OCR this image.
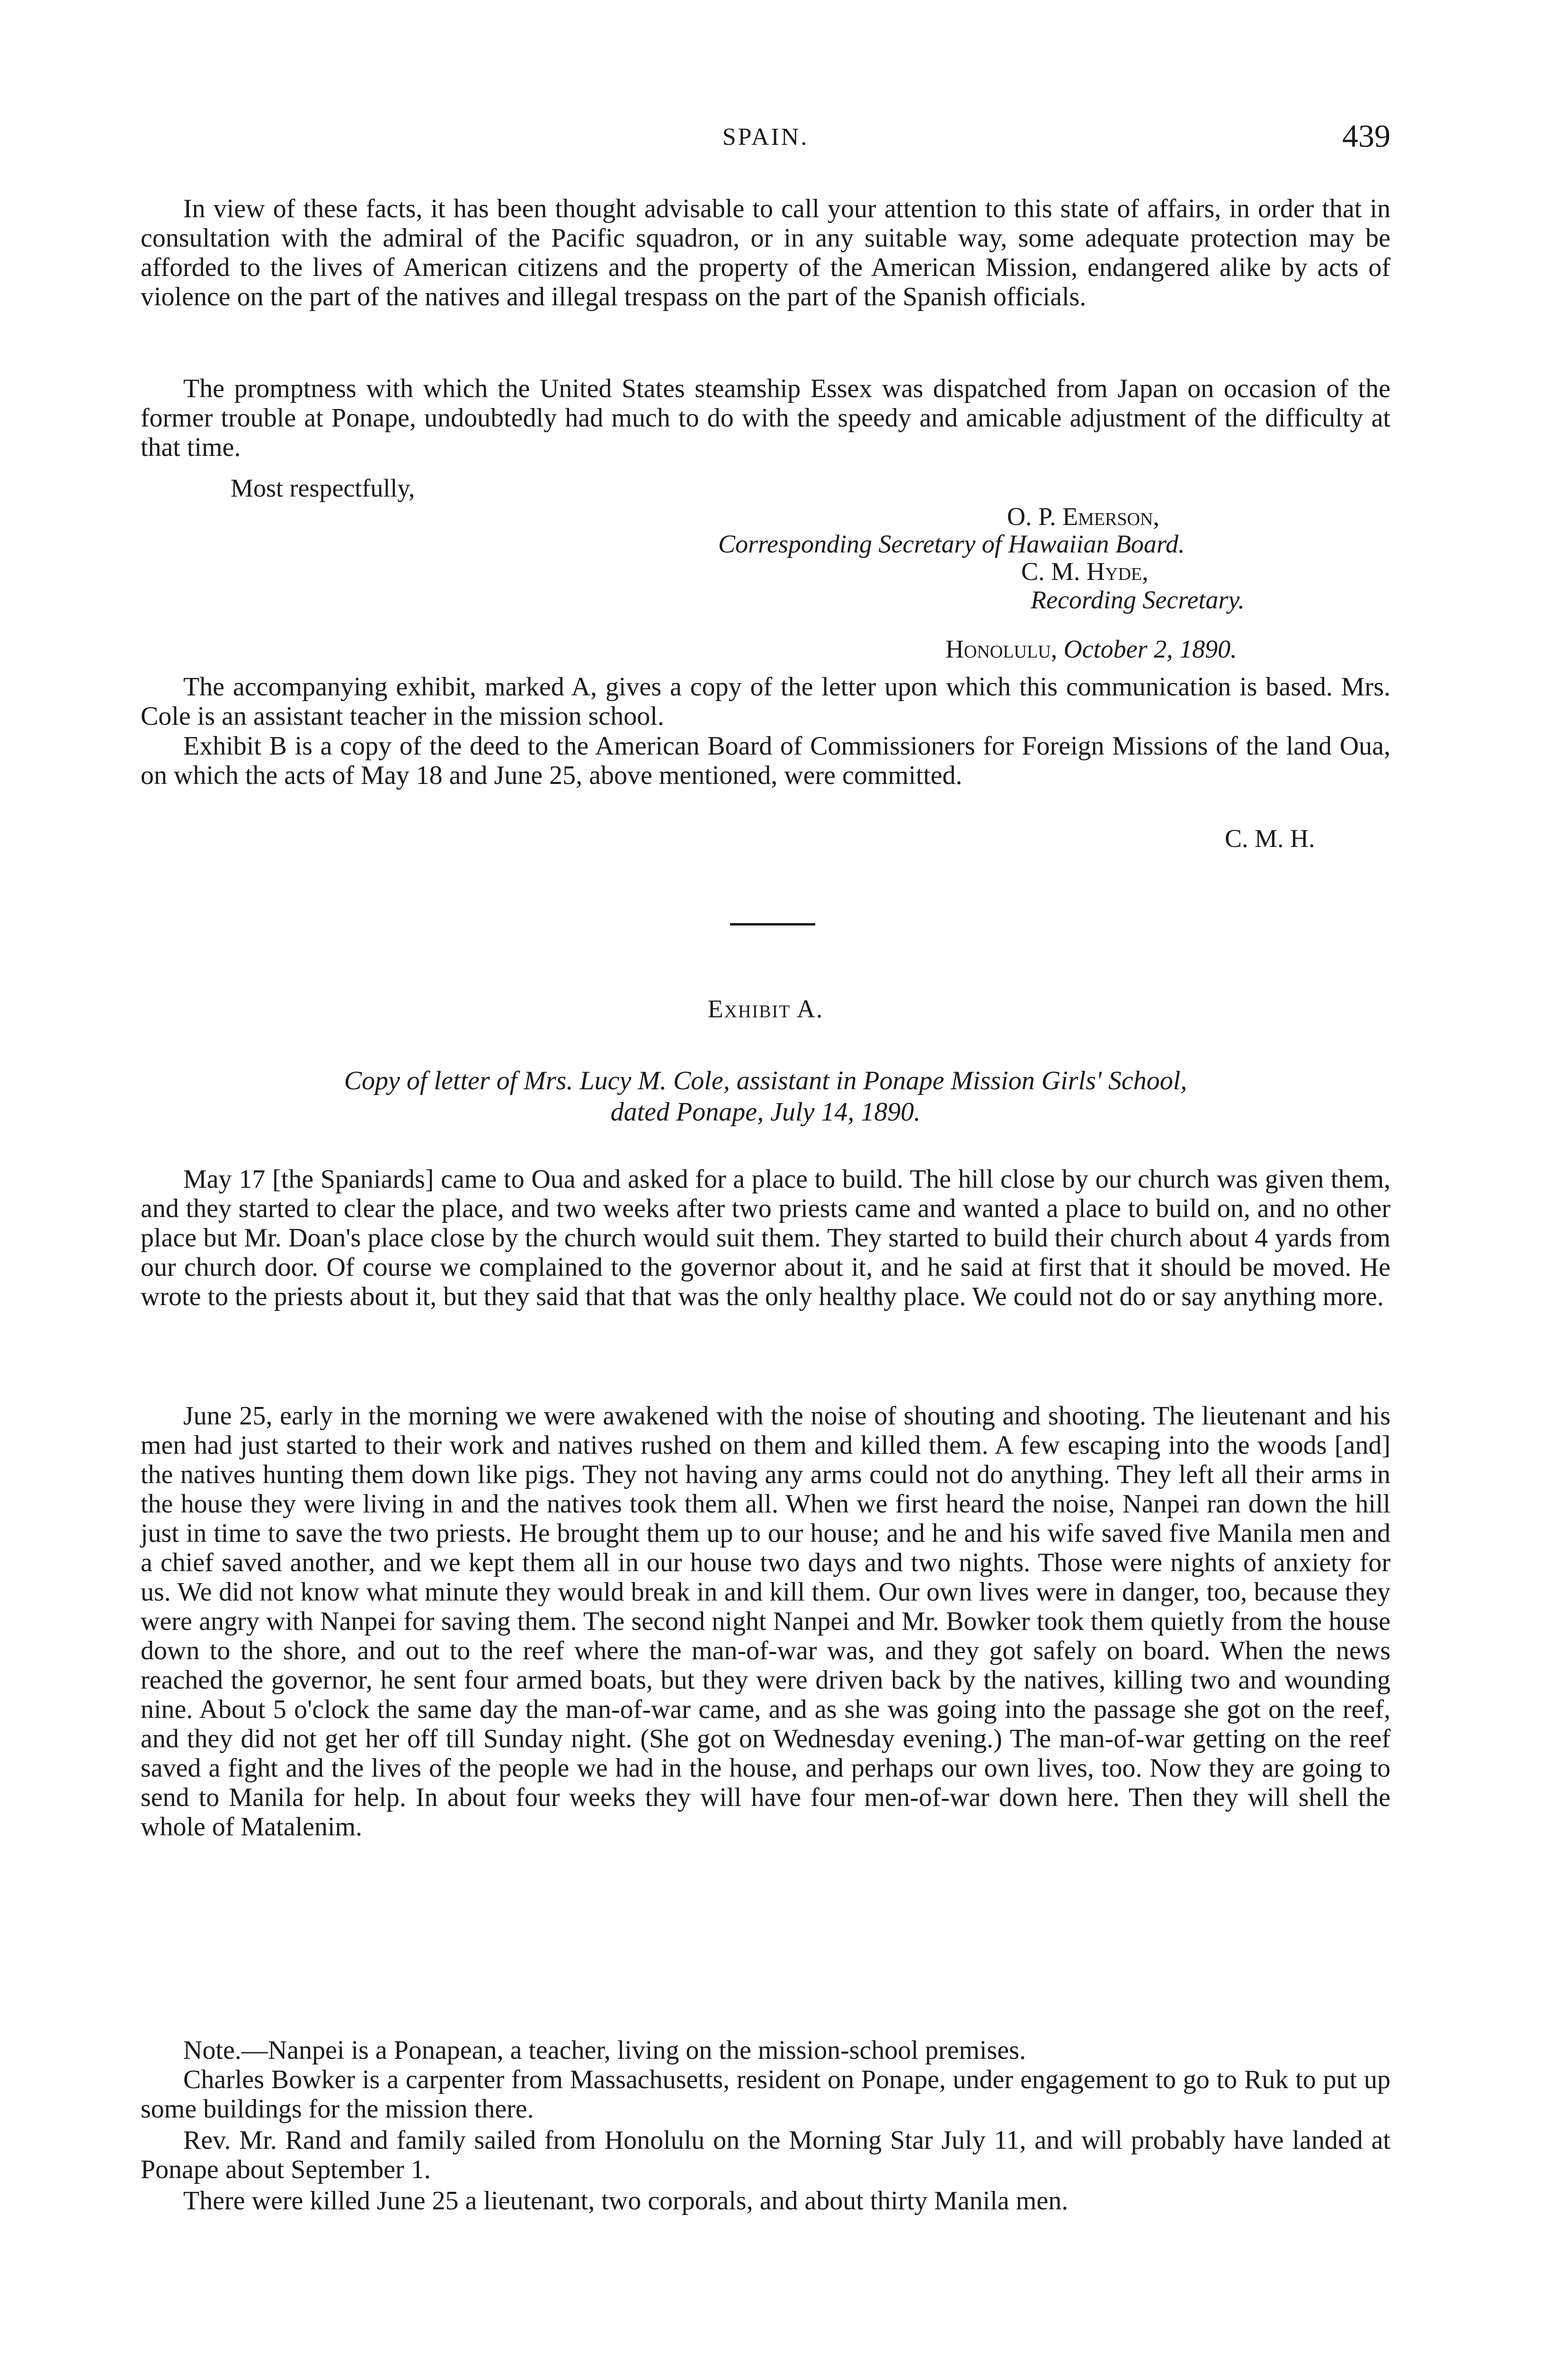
SPAIN.	439

In view of these facts, it has been thought advisable to call your attention to this state of affairs, in order that in consultation with the admiral of the Pacific squadron, or in any suitable way, some adequate protection may be afforded to the lives of American citizens and the property of the American Mission, endangered alike by acts of violence on the part of the natives and illegal trespass on the part of the Spanish officials.

The promptness with which the United States steamship Essex was dispatched from Japan on occasion of the former trouble at Ponape, undoubtedly had much to do with the speedy and amicable adjustment of the difficulty at that time.

Most respectfully,

O. P. Emerson,

Corresponding Secretary of Hawaiian Board.

C. M. Hyde,

Recording Secretary.

Honolulu, October 2, 1890.

The accompanying exhibit, marked A, gives a copy of the letter upon which this communication is based. Mrs. Cole is an assistant teacher in the mission school.

Exhibit B is a copy of the deed to the American Board of Commissioners for Foreign Missions of the land Oua, on which the acts of May 18 and June 25, above mentioned, were committed.

C. M. H.

Exhibit A.
Copy of letter of Mrs. Lucy M. Cole, assistant in Ponape Mission Girls' School,
dated Ponape, July 14, 1890.

May 17 [the Spaniards] came to Oua and asked for a place to build. The hill close by our church was given them, and they started to clear the place, and two weeks after two priests came and wanted a place to build on, and no other place but Mr. Doan's place close by the church would suit them. They started to build their church about 4 yards from our church door. Of course we complained to the governor about it, and he said at first that it should be moved. He wrote to the priests about it, but they said that that was the only healthy place. We could not do or say anything more.

June 25, early in the morning we were awakened with the noise of shouting and shooting. The lieutenant and his men had just started to their work and natives rushed on them and killed them. A few escaping into the woods [and] the natives hunting them down like pigs. They not having any arms could not do anything. They left all their arms in the house they were living in and the natives took them all. When we first heard the noise, Nanpei ran down the hill just in time to save the two priests. He brought them up to our house; and he and his wife saved five Manila men and a chief saved another, and we kept them all in our house two days and two nights. Those were nights of anxiety for us. We did not know what minute they would break in and kill them. Our own lives were in danger, too, because they were angry with Nanpei for saving them. The second night Nanpei and Mr. Bowker took them quietly from the house down to the shore, and out to the reef where the man-of-war was, and they got safely on board. When the news reached the governor, he sent four armed boats, but they were driven back by the natives, killing two and wounding nine. About 5 o'clock the same day the man-of-war came, and as she was going into the passage she got on the reef, and they did not get her off till Sunday night. (She got on Wednesday evening.) The man-of-war getting on the reef saved a fight and the lives of the people we had in the house, and perhaps our own lives, too. Now they are going to send to Manila for help. In about four weeks they will have four men-of-war down here. Then they will shell the whole of Matalenim.

Note.—Nanpei is a Ponapean, a teacher, living on the mission-school premises.

Charles Bowker is a carpenter from Massachusetts, resident on Ponape, under engagement to go to Ruk to put up some buildings for the mission there.

Rev. Mr. Rand and family sailed from Honolulu on the Morning Star July 11, and will probably have landed at Ponape about September 1.

There were killed June 25 a lieutenant, two corporals, and about thirty Manila men.
